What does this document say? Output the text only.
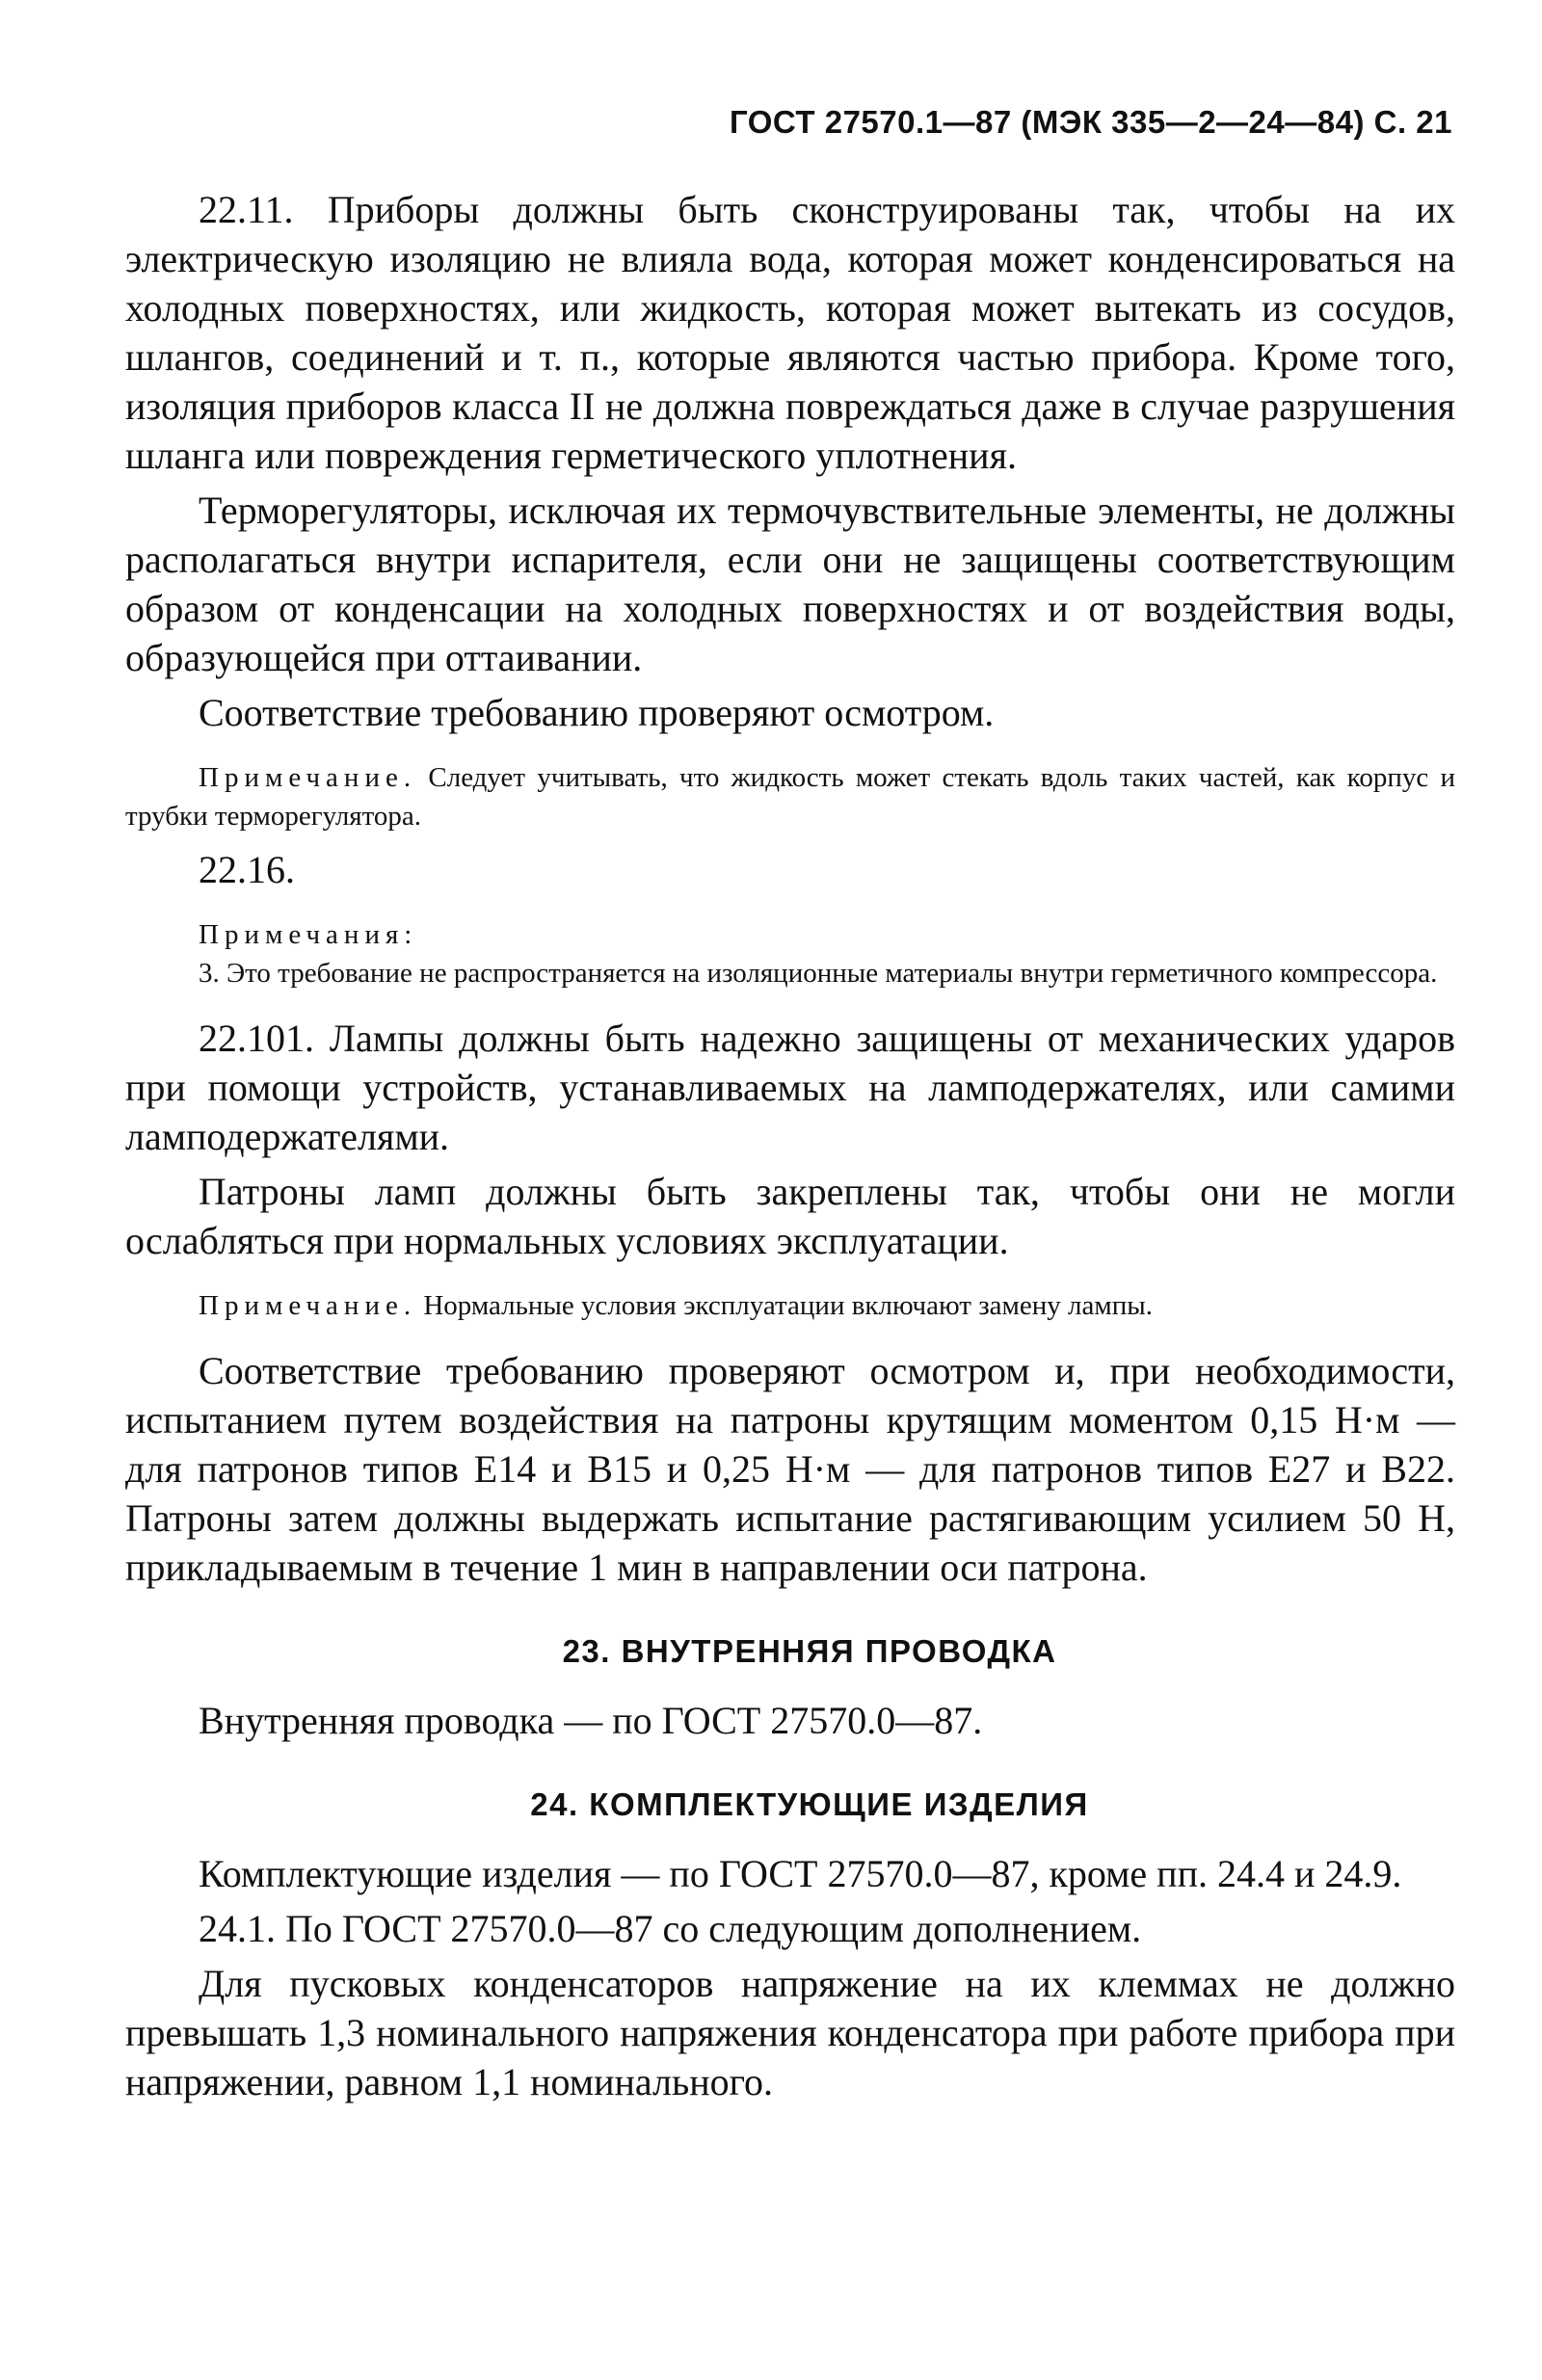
ГОСТ 27570.1—87 (МЭК 335—2—24—84) С. 21

22.11. Приборы должны быть сконструированы так, чтобы на их электрическую изоляцию не влияла вода, которая может конденсироваться на холодных поверхностях, или жидкость, которая может вытекать из сосудов, шлангов, соединений и т. п., которые являются частью прибора. Кроме того, изоляция приборов класса II не должна повреждаться даже в случае разрушения шланга или повреждения герметического уплотнения.

Терморегуляторы, исключая их термочувствительные элементы, не должны располагаться внутри испарителя, если они не защищены соответствующим образом от конденсации на холодных поверхностях и от воздействия воды, образующейся при оттаивании.

Соответствие требованию проверяют осмотром.

Примечание. Следует учитывать, что жидкость может стекать вдоль таких частей, как корпус и трубки терморегулятора.

22.16.

Примечания:

3. Это требование не распространяется на изоляционные материалы внутри герметичного компрессора.

22.101. Лампы должны быть надежно защищены от механических ударов при помощи устройств, устанавливаемых на ламподержателях, или самими ламподержателями.

Патроны ламп должны быть закреплены так, чтобы они не могли ослабляться при нормальных условиях эксплуатации.

Примечание. Нормальные условия эксплуатации включают замену лампы.

Соответствие требованию проверяют осмотром и, при необходимости, испытанием путем воздействия на патроны крутящим моментом 0,15 Н·м — для патронов типов Е14 и В15 и 0,25 Н·м — для патронов типов Е27 и В22. Патроны затем должны выдержать испытание растягивающим усилием 50 Н, прикладываемым в течение 1 мин в направлении оси патрона.

23. ВНУТРЕННЯЯ ПРОВОДКА

Внутренняя проводка — по ГОСТ 27570.0—87.

24. КОМПЛЕКТУЮЩИЕ ИЗДЕЛИЯ

Комплектующие изделия — по ГОСТ 27570.0—87, кроме пп. 24.4 и 24.9.

24.1. По ГОСТ 27570.0—87 со следующим дополнением.

Для пусковых конденсаторов напряжение на их клеммах не должно превышать 1,3 номинального напряжения конденсатора при работе прибора при напряжении, равном 1,1 номинального.
